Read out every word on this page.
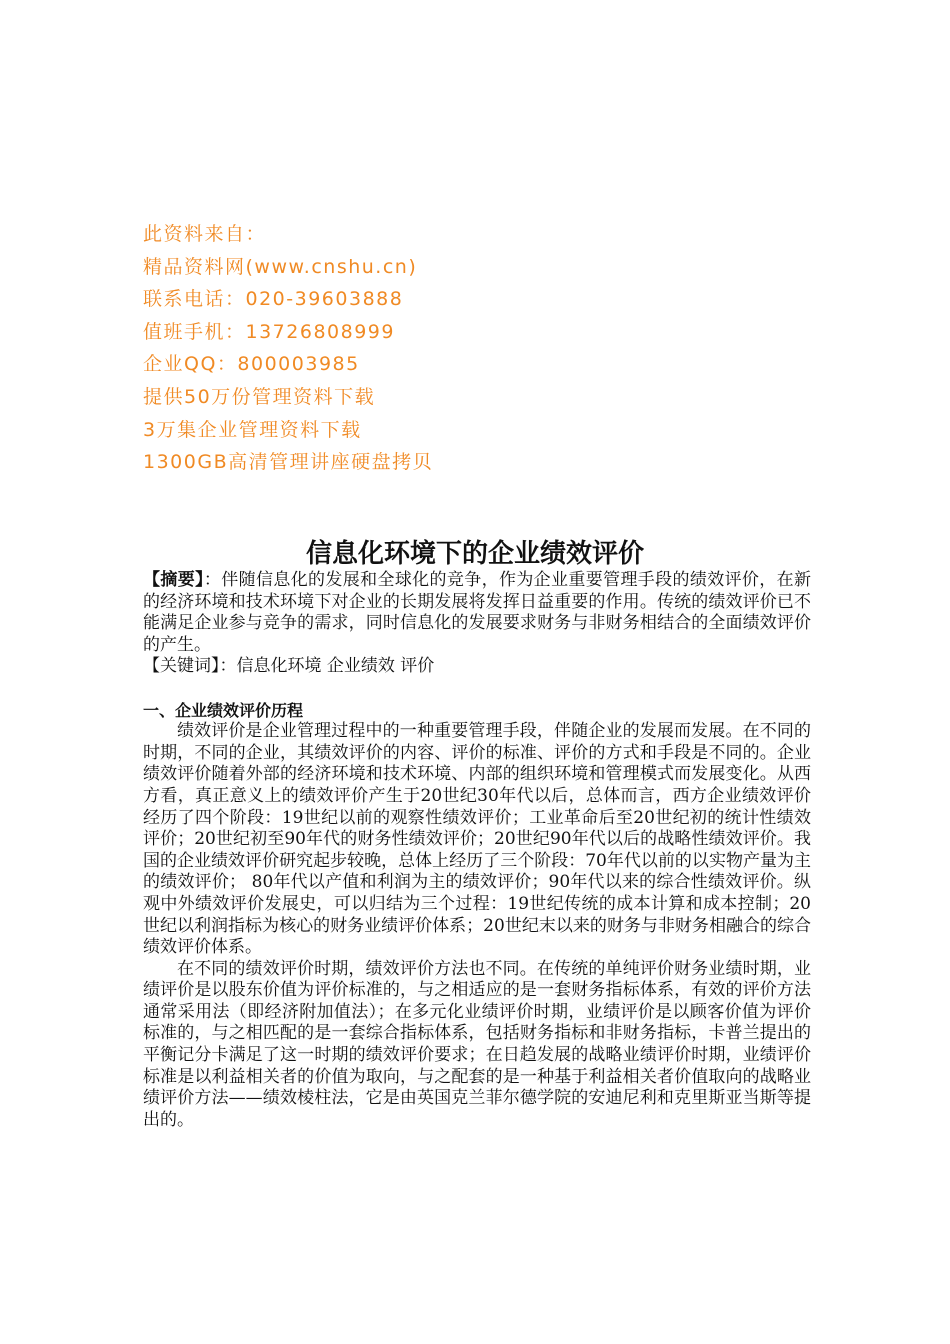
此资料来自：
精品资料网(www.cnshu.cn)
联系电话：020-39603888
值班手机：13726808999
企业QQ：800003985
提供50万份管理资料下载
3万集企业管理资料下载
1300GB高清管理讲座硬盘拷贝
信息化环境下的企业绩效评价

【摘要】：伴随信息化的发展和全球化的竞争，作为企业重要管理手段的绩效评价，在新的经济环境和技术环境下对企业的长期发展将发挥日益重要的作用。传统的绩效评价已不能满足企业参与竞争的需求，同时信息化的发展要求财务与非财务相结合的全面绩效评价的产生。

【关键词】：信息化环境 企业绩效 评价

一、企业绩效评价历程

绩效评价是企业管理过程中的一种重要管理手段，伴随企业的发展而发展。在不同的时期，不同的企业，其绩效评价的内容、评价的标准、评价的方式和手段是不同的。企业绩效评价随着外部的经济环境和技术环境、内部的组织环境和管理模式而发展变化。从西方看，真正意义上的绩效评价产生于20世纪30年代以后，总体而言，西方企业绩效评价经历了四个阶段：19世纪以前的观察性绩效评价；工业革命后至20世纪初的统计性绩效评价；20世纪初至90年代的财务性绩效评价；20世纪90年代以后的战略性绩效评价。我国的企业绩效评价研究起步较晚，总体上经历了三个阶段：70年代以前的以实物产量为主的绩效评价； 80年代以产值和利润为主的绩效评价；90年代以来的综合性绩效评价。纵观中外绩效评价发展史，可以归结为三个过程：19世纪传统的成本计算和成本控制；20世纪以利润指标为核心的财务业绩评价体系；20世纪末以来的财务与非财务相融合的综合绩效评价体系。

在不同的绩效评价时期，绩效评价方法也不同。在传统的单纯评价财务业绩时期，业绩评价是以股东价值为评价标准的，与之相适应的是一套财务指标体系，有效的评价方法通常采用法（即经济附加值法）；在多元化业绩评价时期，业绩评价是以顾客价值为评价标准的，与之相匹配的是一套综合指标体系，包括财务指标和非财务指标，卡普兰提出的平衡记分卡满足了这一时期的绩效评价要求；在日趋发展的战略业绩评价时期，业绩评价标准是以利益相关者的价值为取向，与之配套的是一种基于利益相关者价值取向的战略业绩评价方法——绩效棱柱法，它是由英国克兰菲尔德学院的安迪尼利和克里斯亚当斯等提出的。
